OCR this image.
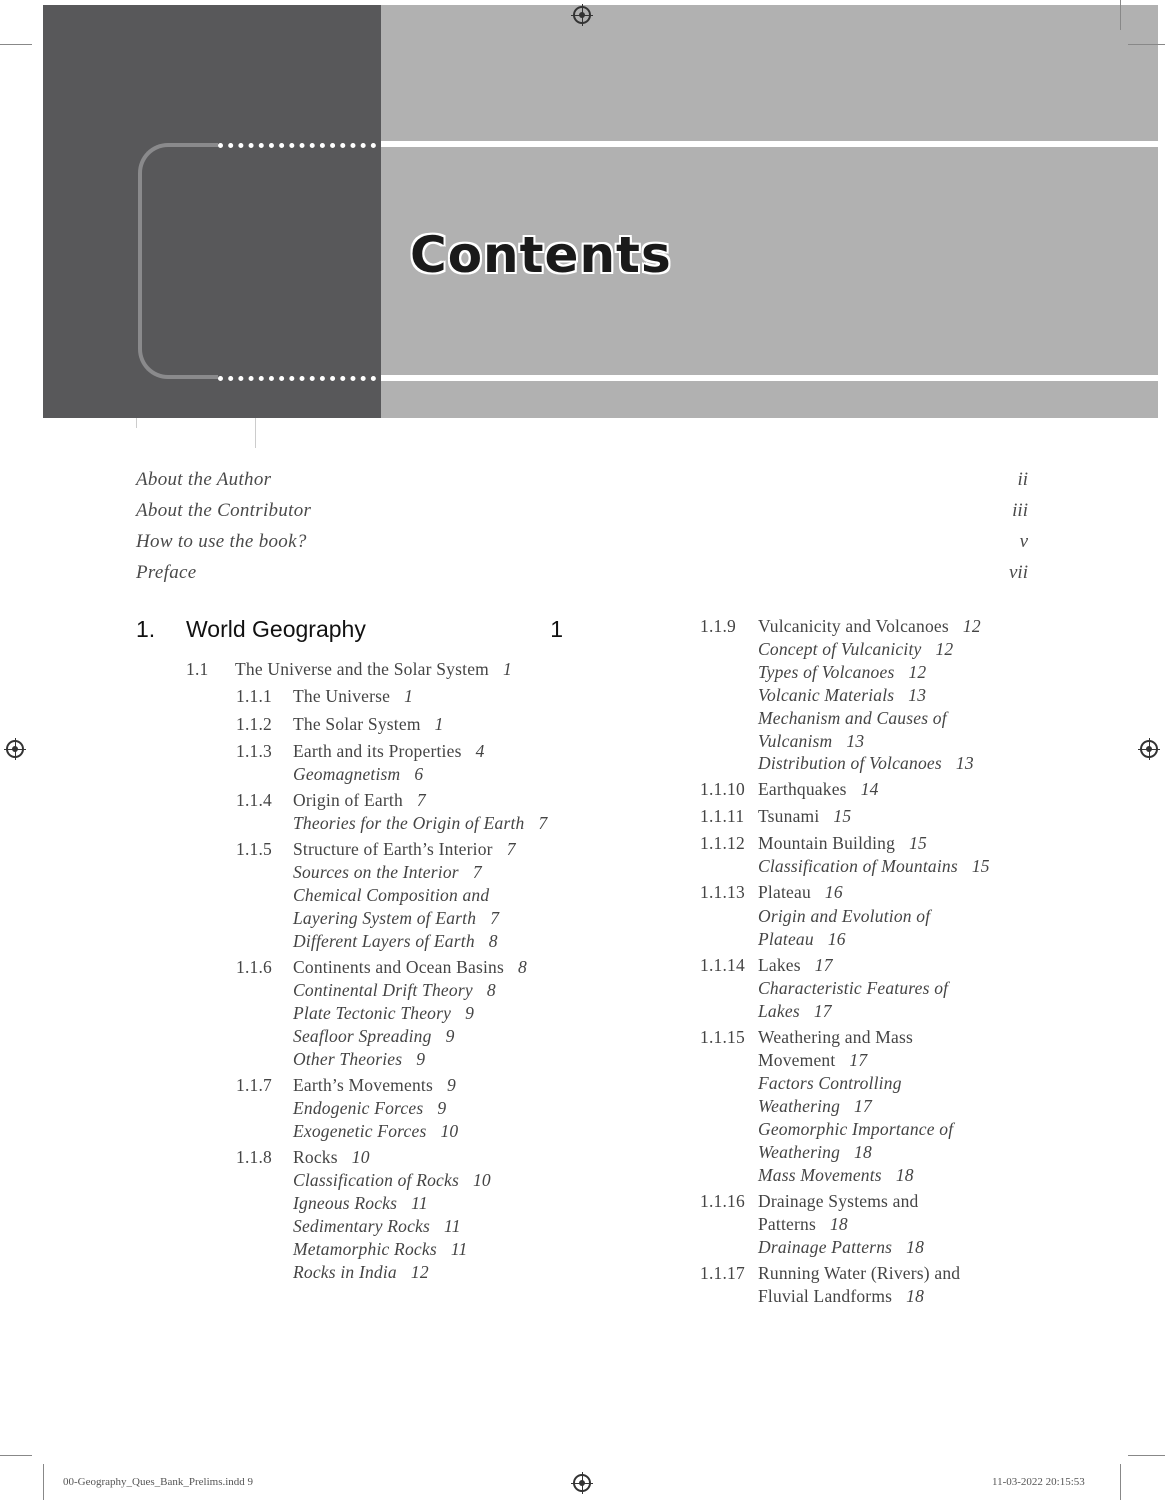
Contents
About the Author	ii
About the Contributor	iii
How to use the book?	v
Preface	vii
1. World Geography	1
1.1 The Universe and the Solar System 1
1.1.1 The Universe 1
1.1.2 The Solar System 1
1.1.3 Earth and its Properties 4
Geomagnetism 6
1.1.4 Origin of Earth 7
Theories for the Origin of Earth 7
1.1.5 Structure of Earth’s Interior 7
Sources on the Interior 7
Chemical Composition and
Layering System of Earth 7
Different Layers of Earth 8
1.1.6 Continents and Ocean Basins 8
Continental Drift Theory 8
Plate Tectonic Theory 9
Seafloor Spreading 9
Other Theories 9
1.1.7 Earth’s Movements 9
Endogenic Forces 9
Exogenetic Forces 10
1.1.8 Rocks 10
Classification of Rocks 10
Igneous Rocks 11
Sedimentary Rocks 11
Metamorphic Rocks 11
Rocks in India 12
1.1.9 Vulcanicity and Volcanoes 12
Concept of Vulcanicity 12
Types of Volcanoes 12
Volcanic Materials 13
Mechanism and Causes of
Vulcanism 13
Distribution of Volcanoes 13
1.1.10 Earthquakes 14
1.1.11 Tsunami 15
1.1.12 Mountain Building 15
Classification of Mountains 15
1.1.13 Plateau 16
Origin and Evolution of
Plateau 16
1.1.14 Lakes 17
Characteristic Features of
Lakes 17
1.1.15 Weathering and Mass
Movement 17
Factors Controlling
Weathering 17
Geomorphic Importance of
Weathering 18
Mass Movements 18
1.1.16 Drainage Systems and
Patterns 18
Drainage Patterns 18
1.1.17 Running Water (Rivers) and
Fluvial Landforms 18
00-Geography_Ques_Bank_Prelims.indd 9	11-03-2022 20:15:53
